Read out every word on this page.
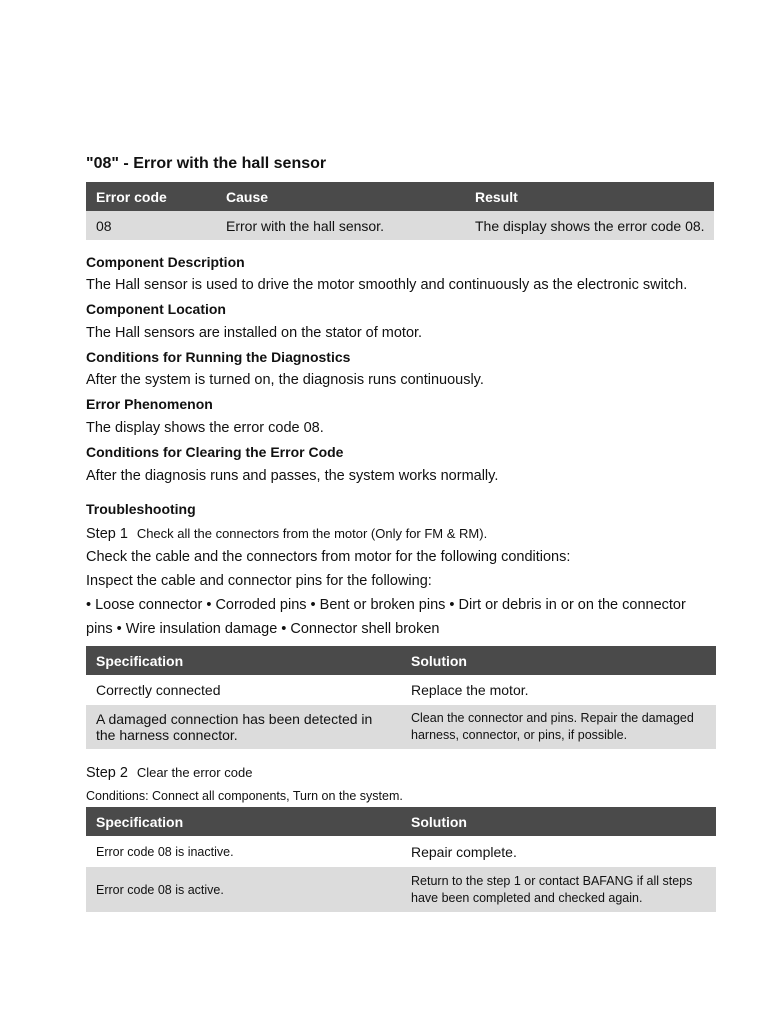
"08" - Error with the hall sensor
Error code	Cause	Result
08	Error with the hall sensor.	The display shows the error code 08.
Component Description
The Hall sensor is used to drive the motor smoothly and continuously as the electronic switch.
Component Location
The Hall sensors are installed on the stator of motor.
Conditions for Running the Diagnostics
After the system is turned on, the diagnosis runs continuously.
Error Phenomenon
The display shows the error code 08.
Conditions for Clearing the Error Code
After the diagnosis runs and passes, the system works normally.
Troubleshooting
Step 1 Check all the connectors from the motor (Only for FM & RM).
Check the cable and the connectors from motor for the following conditions:
Inspect the cable and connector pins for the following:
• Loose connector • Corroded pins • Bent or broken pins • Dirt or debris in or on the connector
pins • Wire insulation damage • Connector shell broken
Specification	Solution
Correctly connected	Replace the motor.
A damaged connection has been detected in the harness connector.	Clean the connector and pins. Repair the damaged harness, connector, or pins, if possible.
Step 2 Clear the error code
Conditions: Connect all components, Turn on the system.
Specification	Solution
Error code 08 is inactive.	Repair complete.
Error code 08 is active.	Return to the step 1 or contact BAFANG if all steps have been completed and checked again.
